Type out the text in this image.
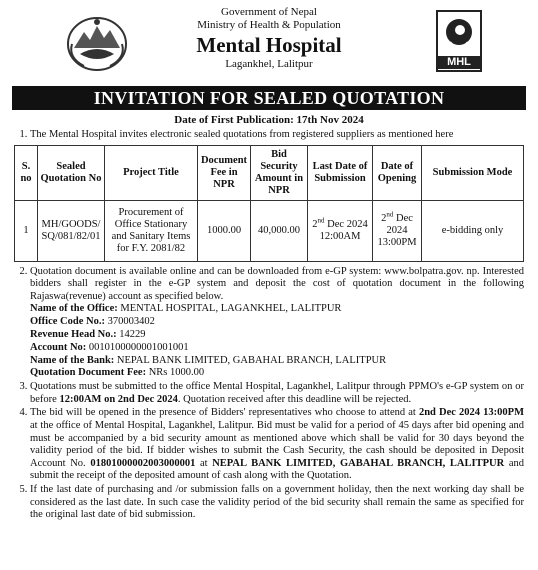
Government of Nepal
Ministry of Health & Population
Mental Hospital
Lagankhel, Lalitpur	MHL
INVITATION FOR SEALED QUOTATION
Date of First Publication: 17th Nov 2024
1. The Mental Hospital invites electronic sealed quotations from registered suppliers as mentioned here
S. no	Sealed Quotation No	Project Title	Document Fee in NPR	Bid Security Amount in NPR	Last Date of Submission	Date of Opening	Submission Mode
1	MH/GOODS/ SQ/081/82/01	Procurement of Office Stationary and Sanitary Items for F.Y. 2081/82	1000.00	40,000.00	2nd Dec 2024 12:00AM	2nd Dec 2024 13:00PM	e-bidding only
2. Quotation document is available online and can be downloaded from e-GP system: www.bolpatra.gov. np. Interested bidders shall register in the e-GP system and deposit the cost of quotation document in the following Rajaswa(revenue) account as specified below.
Name of the Office: MENTAL HOSPITAL, LAGANKHEL, LALITPUR
Office Code No.: 370003402
Revenue Head No.: 14229
Account No: 0010100000001001001
Name of the Bank: NEPAL BANK LIMITED, GABAHAL BRANCH, LALITPUR
Quotation Document Fee: NRs 1000.00
3. Quotations must be submitted to the office Mental Hospital, Lagankhel, Lalitpur through PPMO's e-GP system on or before 12:00AM on 2nd Dec 2024. Quotation received after this deadline will be rejected.
4. The bid will be opened in the presence of Bidders' representatives who choose to attend at 2nd Dec 2024 13:00PM at the office of Mental Hospital, Lagankhel, Lalitpur. Bid must be valid for a period of 45 days after bid opening and must be accompanied by a bid security amount as mentioned above which shall be valid for 30 days beyond the validity period of the bid. If bidder wishes to submit the Cash Security, the cash should be deposited in Deposit Account No. 01801000002003000001 at NEPAL BANK LIMITED, GABAHAL BRANCH, LALITPUR and submit the receipt of the deposited amount of cash along with the Quotation.
5. If the last date of purchasing and /or submission falls on a government holiday, then the next working day shall be considered as the last date. In such case the validity period of the bid security shall remain the same as specified for the original last date of bid submission.
